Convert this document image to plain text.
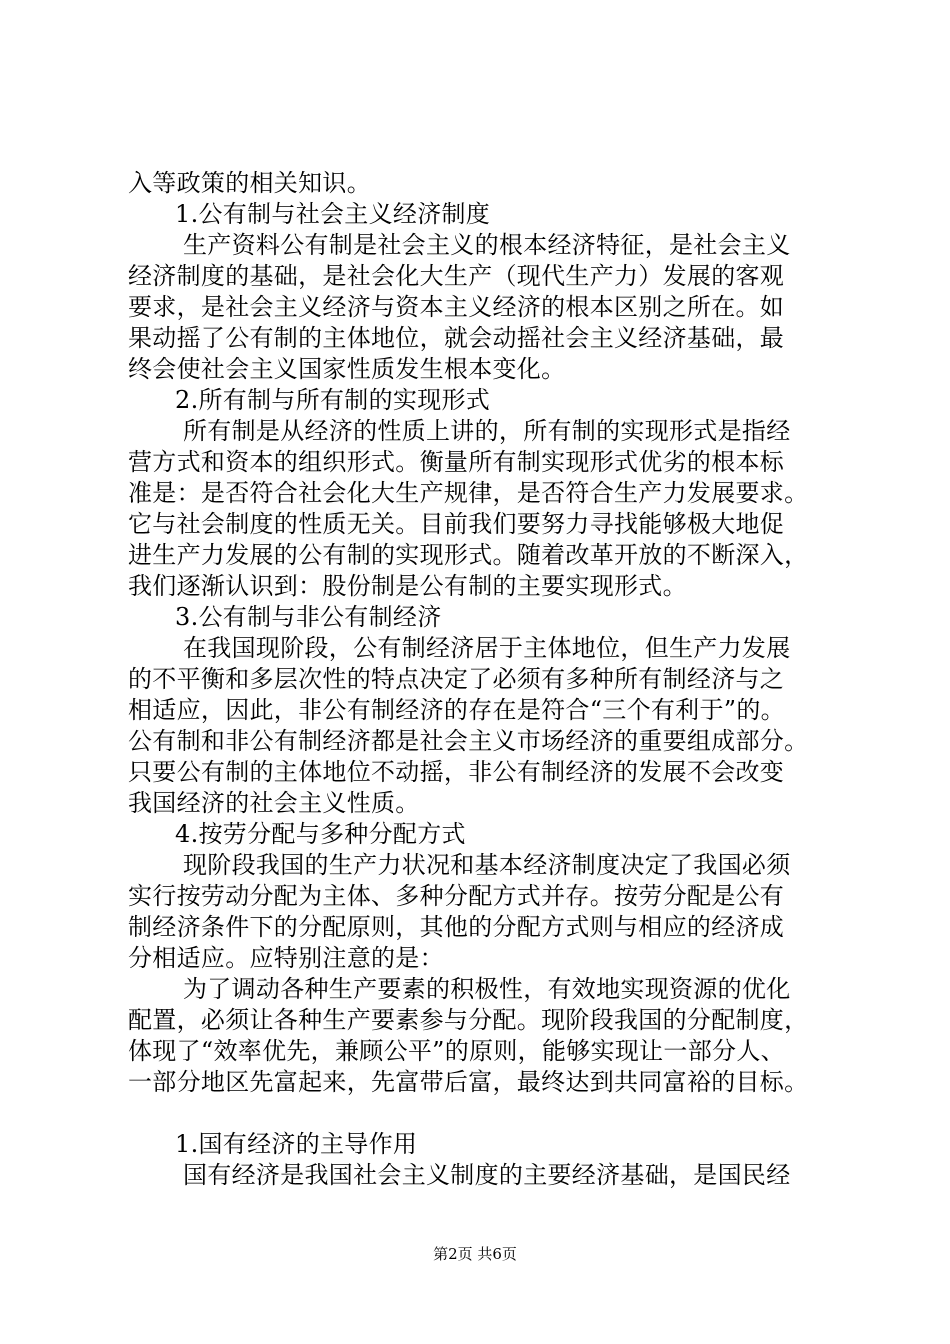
入等政策的相关知识。
1.公有制与社会主义经济制度
生产资料公有制是社会主义的根本经济特征，是社会主义
经济制度的基础，是社会化大生产（现代生产力）发展的客观
要求，是社会主义经济与资本主义经济的根本区别之所在。如
果动摇了公有制的主体地位，就会动摇社会主义经济基础，最
终会使社会主义国家性质发生根本变化。
2.所有制与所有制的实现形式
所有制是从经济的性质上讲的，所有制的实现形式是指经
营方式和资本的组织形式。衡量所有制实现形式优劣的根本标
准是：是否符合社会化大生产规律，是否符合生产力发展要求。
它与社会制度的性质无关。目前我们要努力寻找能够极大地促
进生产力发展的公有制的实现形式。随着改革开放的不断深入，
我们逐渐认识到：股份制是公有制的主要实现形式。
3.公有制与非公有制经济
在我国现阶段，公有制经济居于主体地位，但生产力发展
的不平衡和多层次性的特点决定了必须有多种所有制经济与之
相适应，因此，非公有制经济的存在是符合“三个有利于”的。
公有制和非公有制经济都是社会主义市场经济的重要组成部分。
只要公有制的主体地位不动摇，非公有制经济的发展不会改变
我国经济的社会主义性质。
4.按劳分配与多种分配方式
现阶段我国的生产力状况和基本经济制度决定了我国必须
实行按劳动分配为主体、多种分配方式并存。按劳分配是公有
制经济条件下的分配原则，其他的分配方式则与相应的经济成
分相适应。应特别注意的是：
为了调动各种生产要素的积极性，有效地实现资源的优化
配置，必须让各种生产要素参与分配。现阶段我国的分配制度，
体现了“效率优先，兼顾公平”的原则，能够实现让一部分人、
一部分地区先富起来，先富带后富，最终达到共同富裕的目标。
1.国有经济的主导作用
国有经济是我国社会主义制度的主要经济基础，是国民经
第2页 共6页
